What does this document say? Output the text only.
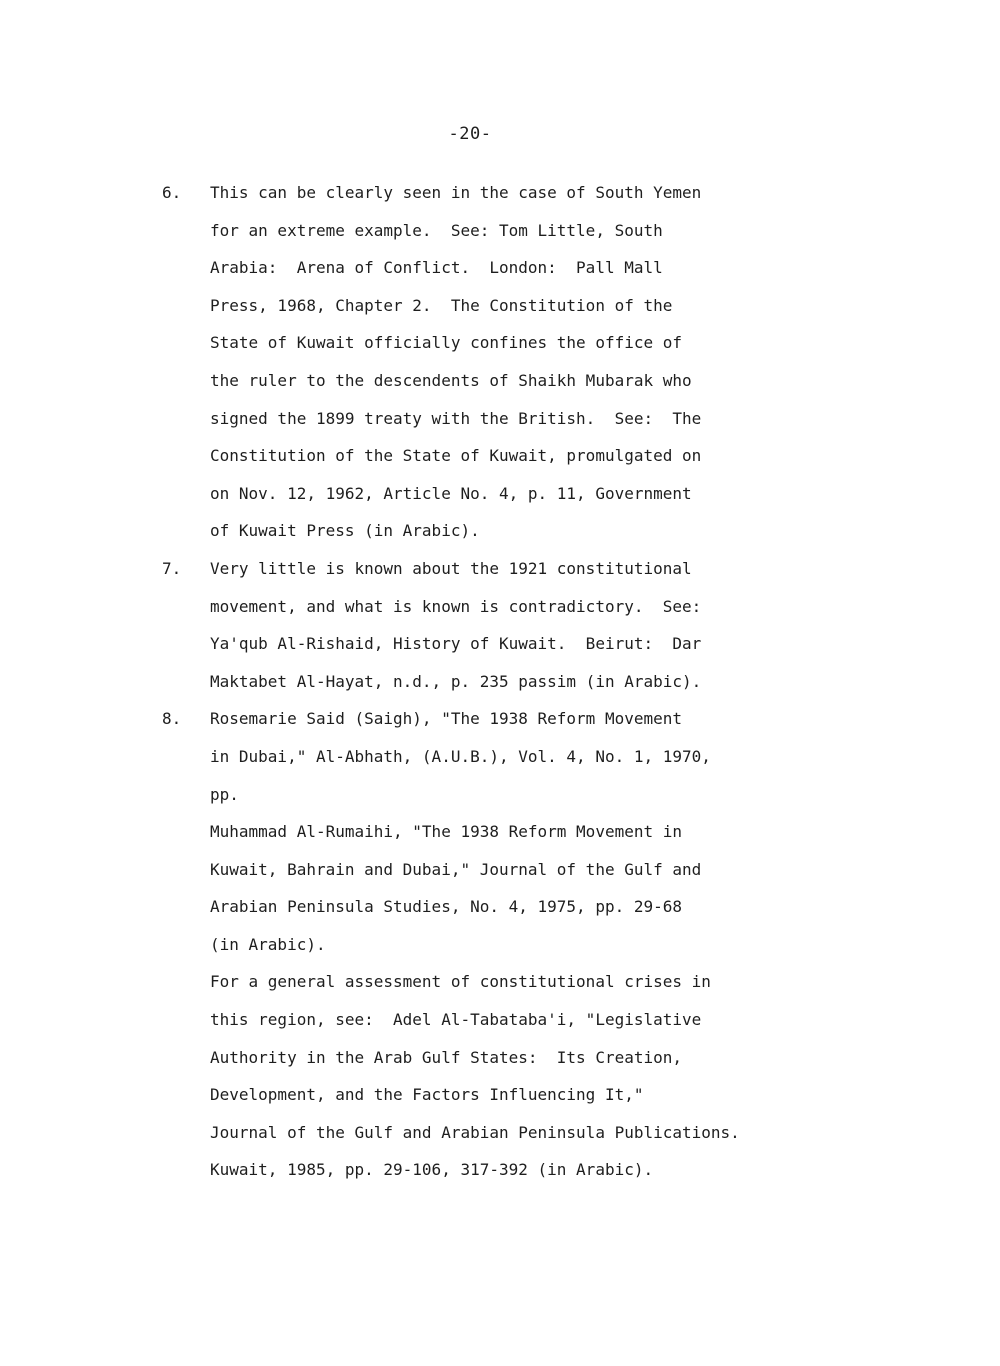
-20-
6.	This can be clearly seen in the case of South Yemen
for an extreme example.  See: Tom Little, South
Arabia:  Arena of Conflict.  London:  Pall Mall
Press, 1968, Chapter 2.  The Constitution of the
State of Kuwait officially confines the office of
the ruler to the descendents of Shaikh Mubarak who
signed the 1899 treaty with the British.  See:  The
Constitution of the State of Kuwait, promulgated on
on Nov. 12, 1962, Article No. 4, p. 11, Government
of Kuwait Press (in Arabic).
7.	Very little is known about the 1921 constitutional
movement, and what is known is contradictory.  See:
Ya'qub Al-Rishaid, History of Kuwait.  Beirut:  Dar
Maktabet Al-Hayat, n.d., p. 235 passim (in Arabic).
8.	Rosemarie Said (Saigh), "The 1938 Reform Movement
in Dubai," Al-Abhath, (A.U.B.), Vol. 4, No. 1, 1970,
pp.
Muhammad Al-Rumaihi, "The 1938 Reform Movement in
Kuwait, Bahrain and Dubai," Journal of the Gulf and
Arabian Peninsula Studies, No. 4, 1975, pp. 29-68
(in Arabic).
For a general assessment of constitutional crises in
this region, see:  Adel Al-Tabataba'i, "Legislative
Authority in the Arab Gulf States:  Its Creation,
Development, and the Factors Influencing It,"
Journal of the Gulf and Arabian Peninsula Publications.
Kuwait, 1985, pp. 29-106, 317-392 (in Arabic).
